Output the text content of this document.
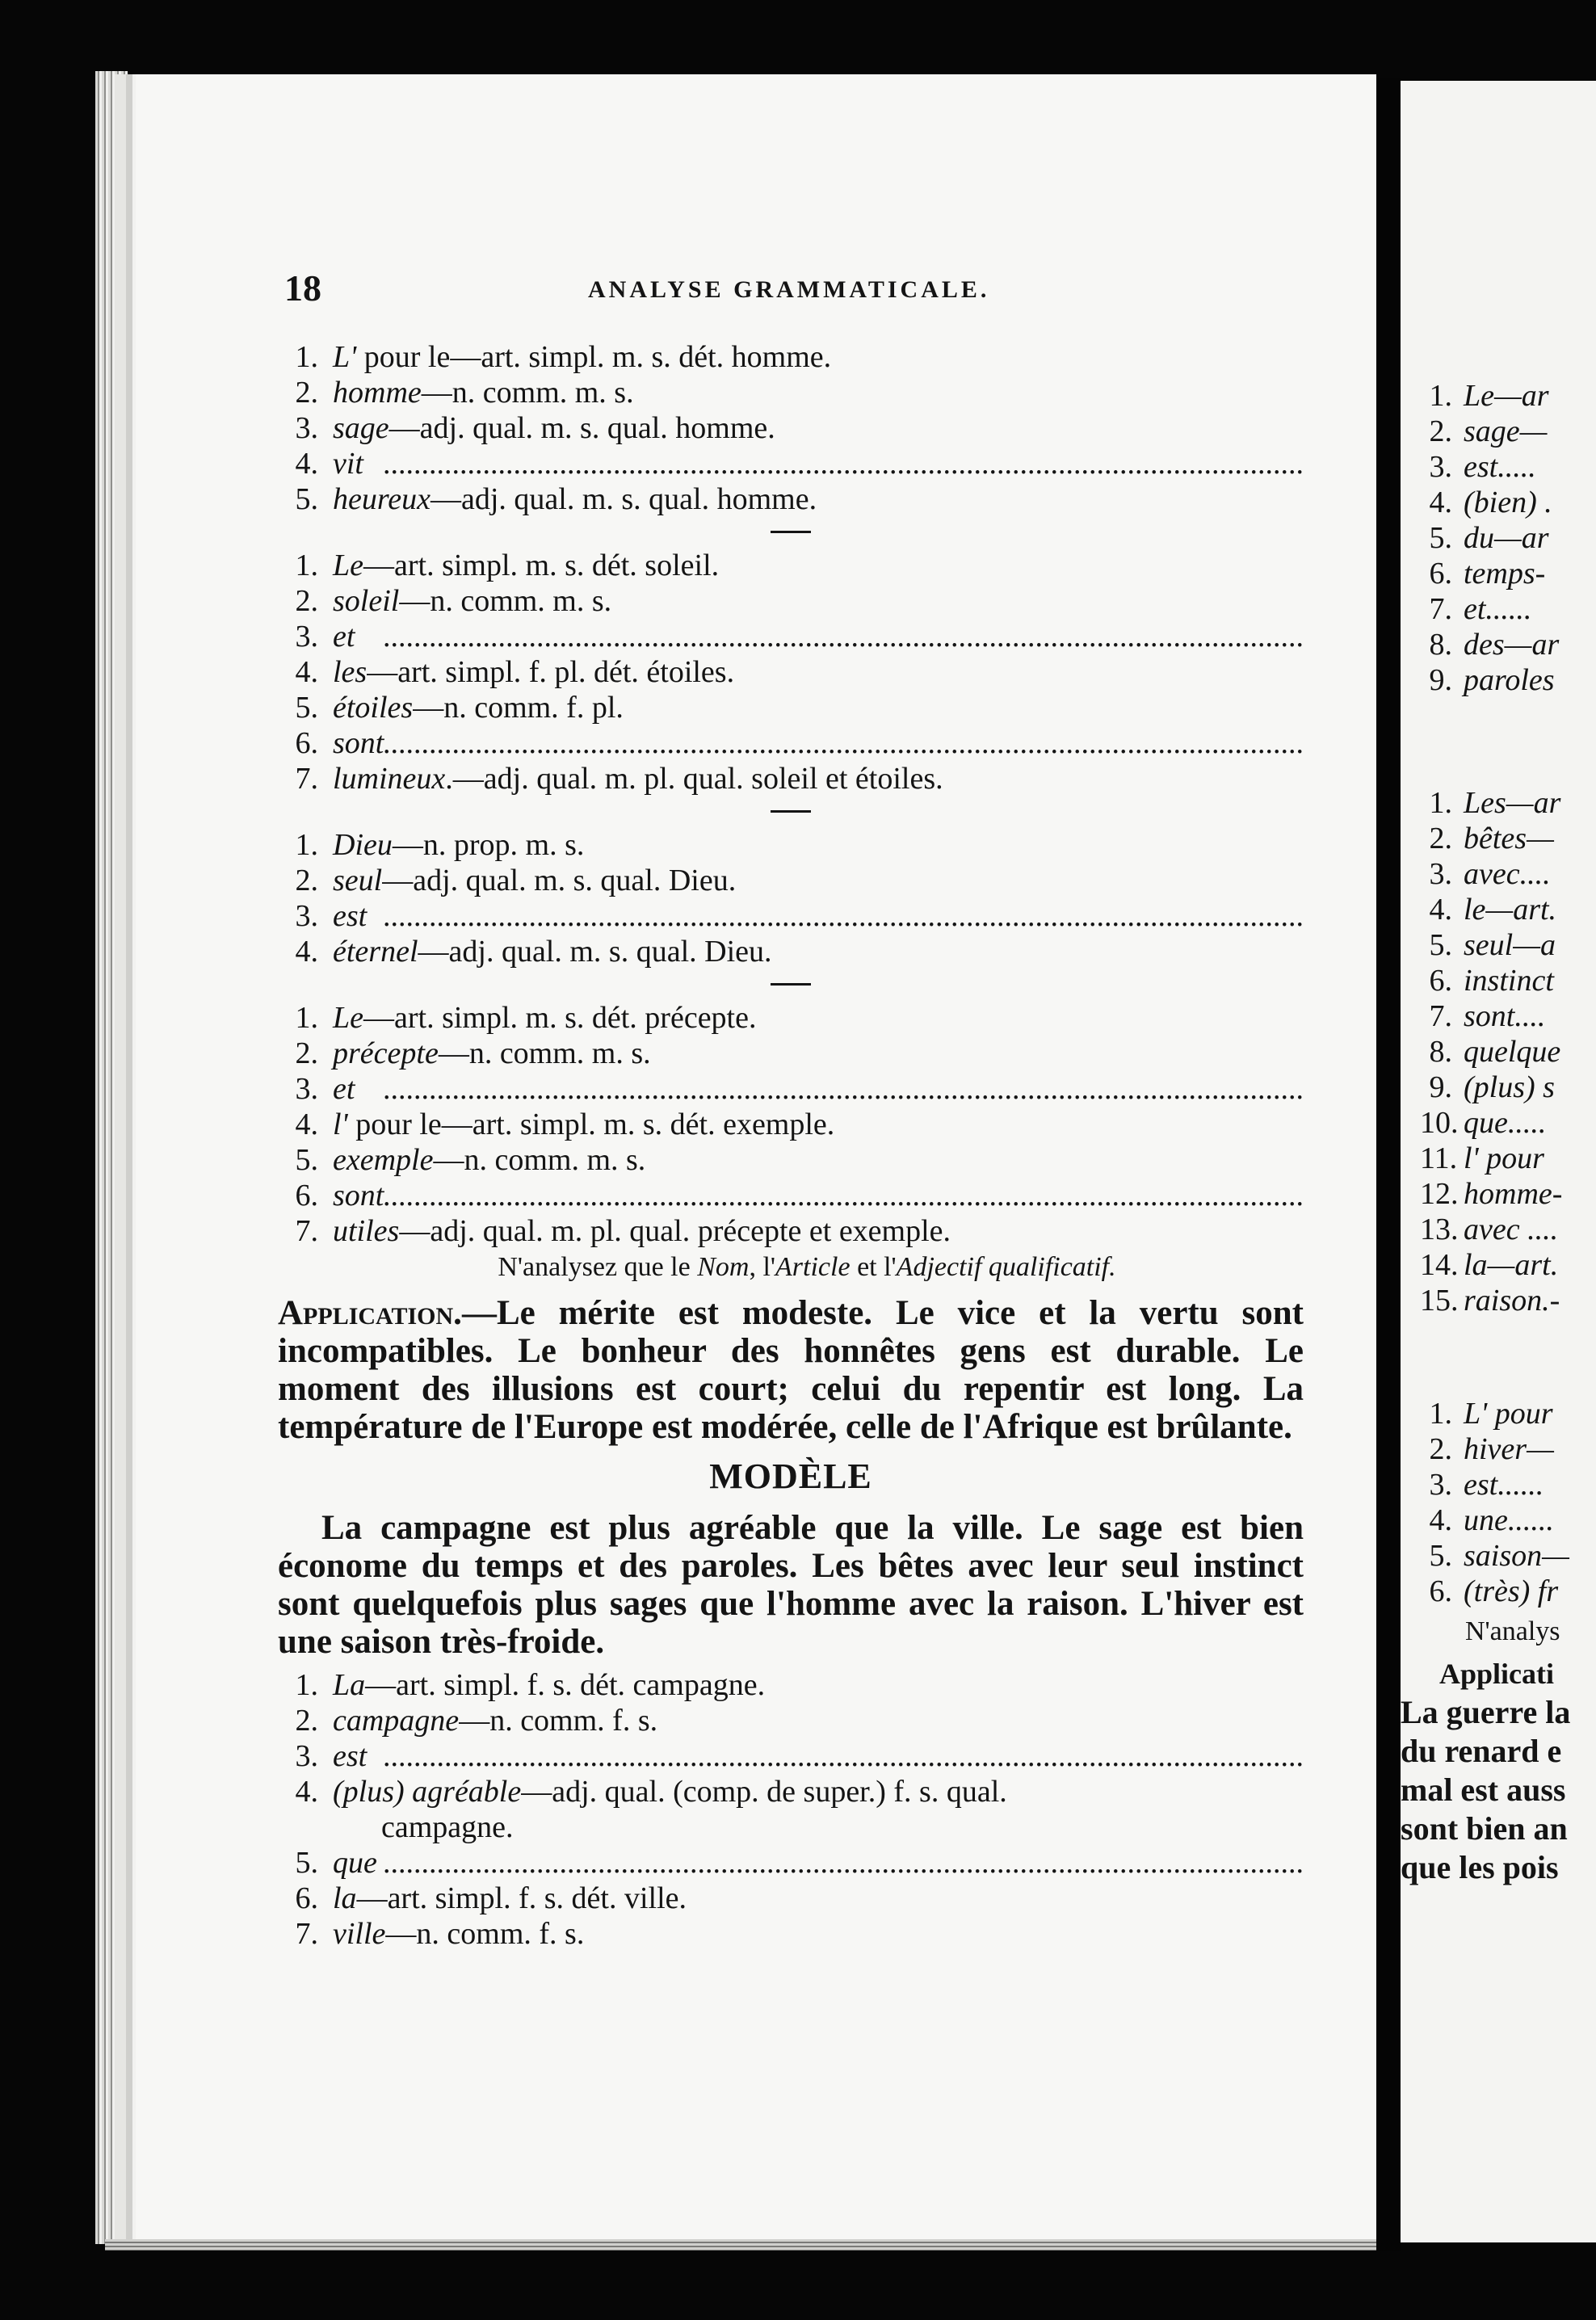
1. Le—ar
2. sage—
3. est.....
4. (bien) .
5. du—ar
6. temps-
7. et......
8. des—ar
9. paroles
1. Les—ar
2. bêtes—
3. avec....
4. le—art.
5. seul—a
6. instinct
7. sont....
8. quelque
9. (plus) s
10. que.....
11. l' pour
12. homme-
13. avec ....
14. la—art.
15. raison.-
1. L' pour
2. hiver—
3. est......
4. une......
5. saison—
6. (très) fr
N'analys
Applicati
La guerre la
du renard e
mal est auss
sont bien an
que les pois
18	ANALYSE GRAMMATICALE.
1. L' pour le—art. simpl. m. s. dét. homme.
2. homme—n. comm. m. s.
3. sage—adj. qual. m. s. qual. homme.
4. vit ........................................................................................................................
5. heureux—adj. qual. m. s. qual. homme.
1. Le—art. simpl. m. s. dét. soleil.
2. soleil—n. comm. m. s.
3. et ........................................................................................................................
4. les—art. simpl. f. pl. dét. étoiles.
5. étoiles—n. comm. f. pl.
6. sont
........................................................................................................................
7. lumineux.—adj. qual. m. pl. qual. soleil et étoiles.
1. Dieu—n. prop. m. s.
2. seul—adj. qual. m. s. qual. Dieu.
3. est ........................................................................................................................
4. éternel—adj. qual. m. s. qual. Dieu.
1. Le—art. simpl. m. s. dét. précepte.
2. précepte—n. comm. m. s.
3. et ........................................................................................................................
4. l' pour le—art. simpl. m. s. dét. exemple.
5. exemple—n. comm. m. s.
6. sont
........................................................................................................................
7. utiles—adj. qual. m. pl. qual. précepte et exemple.
N'analysez que le Nom, l'Article et l'Adjectif qualificatif.
Application.—Le mérite est modeste. Le vice et la vertu sont incompatibles. Le bonheur des honnêtes gens est durable. Le moment des illusions est court; celui du repentir est long. La température de l'Europe est modérée, celle de l'Afrique est brûlante.
MODÈLE
La campagne est plus agréable que la ville. Le sage est bien économe du temps et des paroles. Les bêtes avec leur seul instinct sont quelquefois plus sages que l'homme avec la raison. L'hiver est une saison très-froide.
1. La—art. simpl. f. s. dét. campagne.
2. campagne—n. comm. f. s.
3. est ........................................................................................................................
4. (plus) agréable—adj. qual. (comp. de super.) f. s. qual.
campagne.
5. que ........................................................................................................................
6. la—art. simpl. f. s. dét. ville.
7. ville—n. comm. f. s.
